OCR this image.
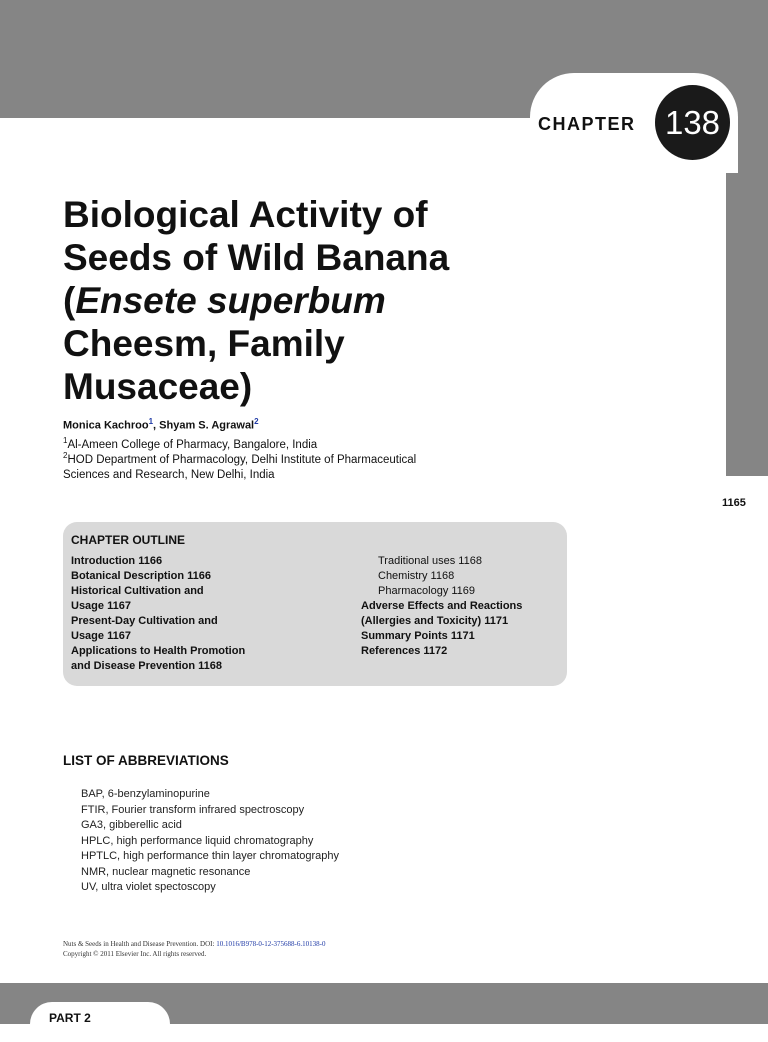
CHAPTER 138
Biological Activity of
Seeds of Wild Banana
(Ensete superbum
Cheesm, Family
Musaceae)
Monica Kachroo$^1$, Shyam S. Agrawal$^2$
$^1$Al-Ameen College of Pharmacy, Bangalore, India
$^2$HOD Department of Pharmacology, Delhi Institute of Pharmaceutical
Sciences and Research, New Delhi, India
1165
CHAPTER OUTLINE
Introduction 1166
Botanical Description 1166
Historical Cultivation and
Usage 1167
Present-Day Cultivation and
Usage 1167
Applications to Health Promotion
and Disease Prevention 1168
Traditional uses 1168
Chemistry 1168
Pharmacology 1169
Adverse Effects and Reactions
(Allergies and Toxicity) 1171
Summary Points 1171
References 1172
LIST OF ABBREVIATIONS
BAP, 6-benzylaminopurine
FTIR, Fourier transform infrared spectroscopy
GA3, gibberellic acid
HPLC, high performance liquid chromatography
HPTLC, high performance thin layer chromatography
NMR, nuclear magnetic resonance
UV, ultra violet spectoscopy
Nuts & Seeds in Health and Disease Prevention. DOI: 10.1016/B978-0-12-375688-6.10138-0
Copyright © 2011 Elsevier Inc. All rights reserved.
PART 2
